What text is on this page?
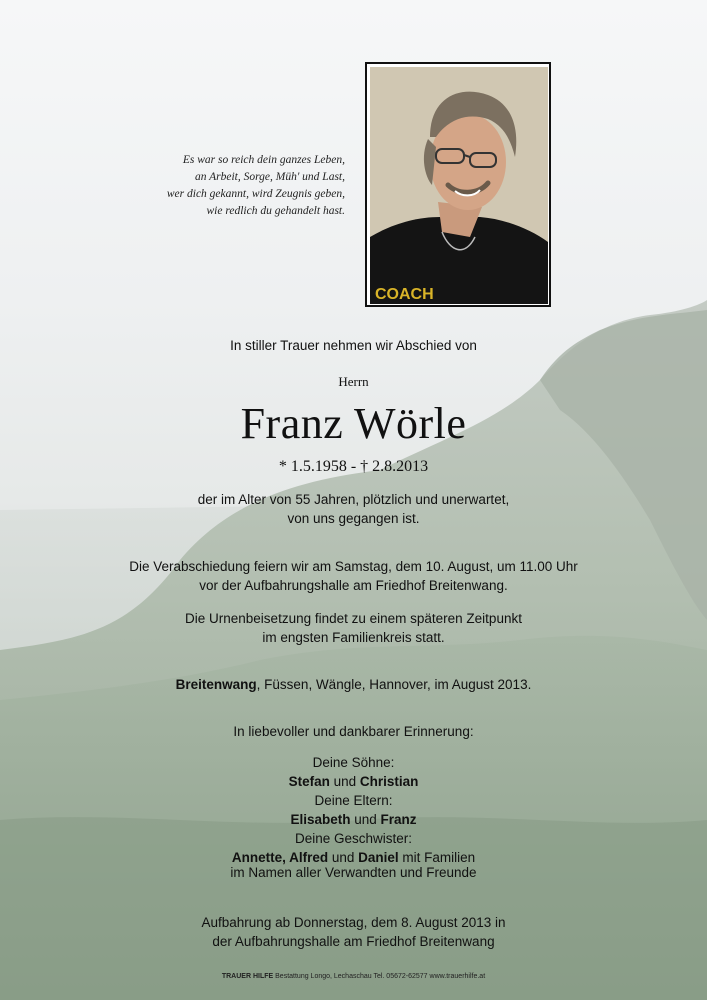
Es war so reich dein ganzes Leben,
an Arbeit, Sorge, Müh' und Last,
wer dich gekannt, wird Zeugnis geben,
wie redlich du gehandelt hast.
COACH
In stiller Trauer nehmen wir Abschied von
Herrn
Franz Wörle
* 1.5.1958 - † 2.8.2013
der im Alter von 55 Jahren, plötzlich und unerwartet,
von uns gegangen ist.
Die Verabschiedung feiern wir am Samstag, dem 10. August, um 11.00 Uhr
vor der Aufbahrungshalle am Friedhof Breitenwang.
Die Urnenbeisetzung findet zu einem späteren Zeitpunkt
im engsten Familienkreis statt.
Breitenwang, Füssen, Wängle, Hannover, im August 2013.
In liebevoller und dankbarer Erinnerung:
Deine Söhne:
Stefan und Christian
Deine Eltern:
Elisabeth und Franz
Deine Geschwister:
Annette, Alfred und Daniel mit Familien
im Namen aller Verwandten und Freunde
Aufbahrung ab Donnerstag, dem 8. August 2013 in
der Aufbahrungshalle am Friedhof Breitenwang
TRAUER HILFE Bestattung Longo, Lechaschau Tel. 05672-62577 www.trauerhilfe.at
